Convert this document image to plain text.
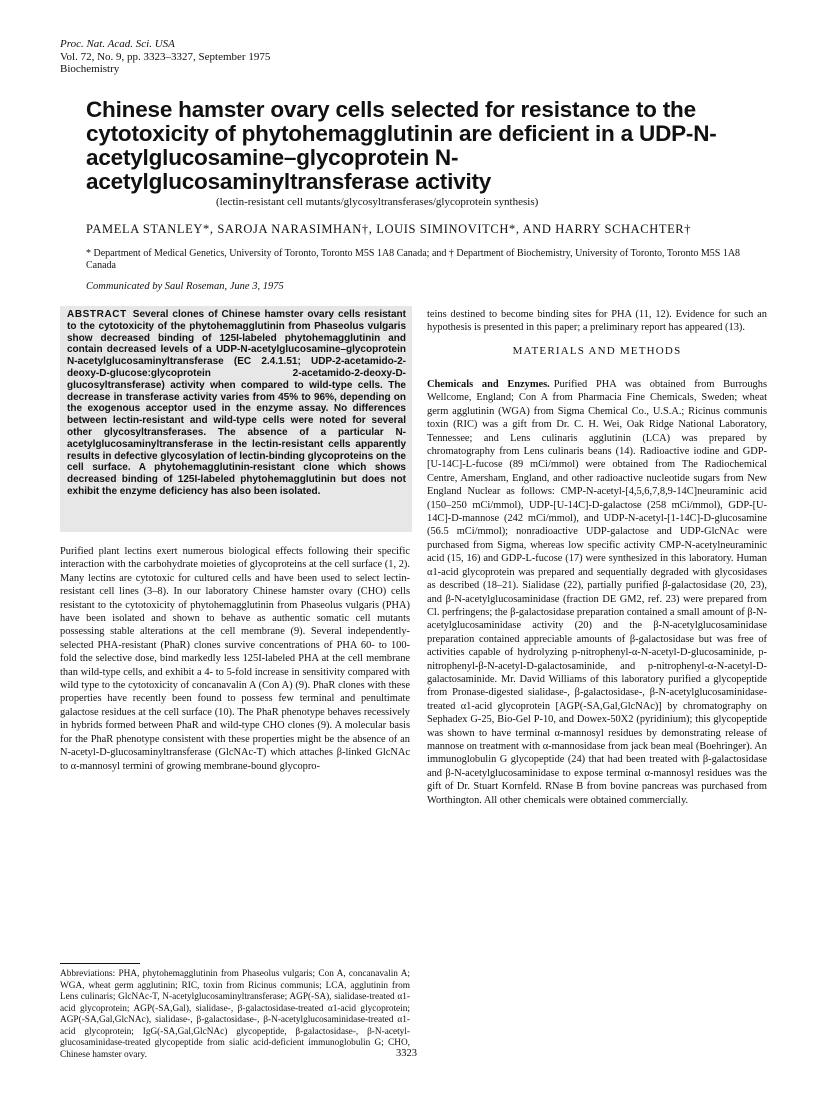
Proc. Nat. Acad. Sci. USA
Vol. 72, No. 9, pp. 3323–3327, September 1975
Biochemistry
Chinese hamster ovary cells selected for resistance to the cytotoxicity of phytohemagglutinin are deficient in a UDP-N-acetylglucosamine–glycoprotein N-acetylglucosaminyltransferase activity
(lectin-resistant cell mutants/glycosyltransferases/glycoprotein synthesis)
PAMELA STANLEY*, SAROJA NARASIMHAN†, LOUIS SIMINOVITCH*, AND HARRY SCHACHTER†
* Department of Medical Genetics, University of Toronto, Toronto M5S 1A8 Canada; and † Department of Biochemistry, University of Toronto, Toronto M5S 1A8 Canada
Communicated by Saul Roseman, June 3, 1975
ABSTRACT Several clones of Chinese hamster ovary cells resistant to the cytotoxicity of the phytohemagglutinin from Phaseolus vulgaris show decreased binding of 125I-labeled phytohemagglutinin and contain decreased levels of a UDP-N-acetylglucosamine–glycoprotein N-acetylglucosaminyltransferase (EC 2.4.1.51; UDP-2-acetamido-2-deoxy-D-glucose:glycoprotein 2-acetamido-2-deoxy-D-glucosyltransferase) activity when compared to wild-type cells. The decrease in transferase activity varies from 45% to 96%, depending on the exogenous acceptor used in the enzyme assay. No differences between lectin-resistant and wild-type cells were noted for several other glycosyltransferases. The absence of a particular N-acetylglucosaminyltransferase in the lectin-resistant cells apparently results in defective glycosylation of lectin-binding glycoproteins on the cell surface. A phytohemagglutinin-resistant clone which shows decreased binding of 125I-labeled phytohemagglutinin but does not exhibit the enzyme deficiency has also been isolated.

Purified plant lectins exert numerous biological effects following their specific interaction with the carbohydrate moieties of glycoproteins at the cell surface (1, 2). Many lectins are cytotoxic for cultured cells and have been used to select lectin-resistant cell lines (3–8). In our laboratory Chinese hamster ovary (CHO) cells resistant to the cytotoxicity of phytohemagglutinin from Phaseolus vulgaris (PHA) have been isolated and shown to behave as authentic somatic cell mutants possessing stable alterations at the cell membrane (9). Several independently-selected PHA-resistant (PhaR) clones survive concentrations of PHA 60- to 100-fold the selective dose, bind markedly less 125I-labeled PHA at the cell membrane than wild-type cells, and exhibit a 4- to 5-fold increase in sensitivity compared with wild type to the cytotoxicity of concanavalin A (Con A) (9). PhaR clones with these properties have recently been found to possess few terminal and penultimate galactose residues at the cell surface (10). The PhaR phenotype behaves recessively in hybrids formed between PhaR and wild-type CHO clones (9). A molecular basis for the PhaR phenotype consistent with these properties might be the absence of an N-acetyl-D-glucosaminyltransferase (GlcNAc-T) which attaches β-linked GlcNAc to α-mannosyl termini of growing membrane-bound glycopro-

teins destined to become binding sites for PHA (11, 12). Evidence for such an hypothesis is presented in this paper; a preliminary report has appeared (13).

MATERIALS AND METHODS

Chemicals and Enzymes. Purified PHA was obtained from Burroughs Wellcome, England; Con A from Pharmacia Fine Chemicals, Sweden; wheat germ agglutinin (WGA) from Sigma Chemical Co., U.S.A.; Ricinus communis toxin (RIC) was a gift from Dr. C. H. Wei, Oak Ridge National Laboratory, Tennessee; and Lens culinaris agglutinin (LCA) was prepared by chromatography from Lens culinaris beans (14). Radioactive iodine and GDP-[U-14C]-L-fucose (89 mCi/mmol) were obtained from The Radiochemical Centre, Amersham, England, and other radioactive nucleotide sugars from New England Nuclear as follows: CMP-N-acetyl-[4,5,6,7,8,9-14C]neuraminic acid (150–250 mCi/mmol), UDP-[U-14C]-D-galactose (258 mCi/mmol), GDP-[U-14C]-D-mannose (242 mCi/mmol), and UDP-N-acetyl-[1-14C]-D-glucosamine (56.5 mCi/mmol); nonradioactive UDP-galactose and UDP-GlcNAc were purchased from Sigma, whereas low specific activity CMP-N-acetylneuraminic acid (15, 16) and GDP-L-fucose (17) were synthesized in this laboratory. Human α1-acid glycoprotein was prepared and sequentially degraded with glycosidases as described (18–21). Sialidase (22), partially purified β-galactosidase (20, 23), and β-N-acetylglucosaminidase (fraction DE GM2, ref. 23) were prepared from Cl. perfringens; the β-galactosidase preparation contained a small amount of β-N-acetylglucosaminidase activity (20) and the β-N-acetylglucosaminidase preparation contained appreciable amounts of β-galactosidase but was free of activities capable of hydrolyzing p-nitrophenyl-α-N-acetyl-D-glucosaminide, p-nitrophenyl-β-N-acetyl-D-galactosaminide, and p-nitrophenyl-α-N-acetyl-D-galactosaminide. Mr. David Williams of this laboratory purified a glycopeptide from Pronase-digested sialidase-, β-galactosidase-, β-N-acetylglucosaminidase-treated α1-acid glycoprotein [AGP(-SA,Gal,GlcNAc)] by chromatography on Sephadex G-25, Bio-Gel P-10, and Dowex-50X2 (pyridinium); this glycopeptide was shown to have terminal α-mannosyl residues by demonstrating release of mannose on treatment with α-mannosidase from jack bean meal (Boehringer). An immunoglobulin G glycopeptide (24) that had been treated with β-galactosidase and β-N-acetylglucosaminidase to expose terminal α-mannosyl residues was the gift of Dr. Stuart Kornfeld. RNase B from bovine pancreas was purchased from Worthington. All other chemicals were obtained commercially.

Abbreviations: PHA, phytohemagglutinin from Phaseolus vulgaris; Con A, concanavalin A; WGA, wheat germ agglutinin; RIC, toxin from Ricinus communis; LCA, agglutinin from Lens culinaris; GlcNAc-T, N-acetylglucosaminyltransferase; AGP(-SA), sialidase-treated α1-acid glycoprotein; AGP(-SA,Gal), sialidase-, β-galactosidase-treated α1-acid glycoprotein; AGP(-SA,Gal,GlcNAc), sialidase-, β-galactosidase-, β-N-acetylglucosaminidase-treated α1-acid glycoprotein; IgG(-SA,Gal,GlcNAc) glycopeptide, β-galactosidase-, β-N-acetyl-glucosaminidase-treated glycopeptide from sialic acid-deficient immunoglobulin G; CHO, Chinese hamster ovary.	3323
